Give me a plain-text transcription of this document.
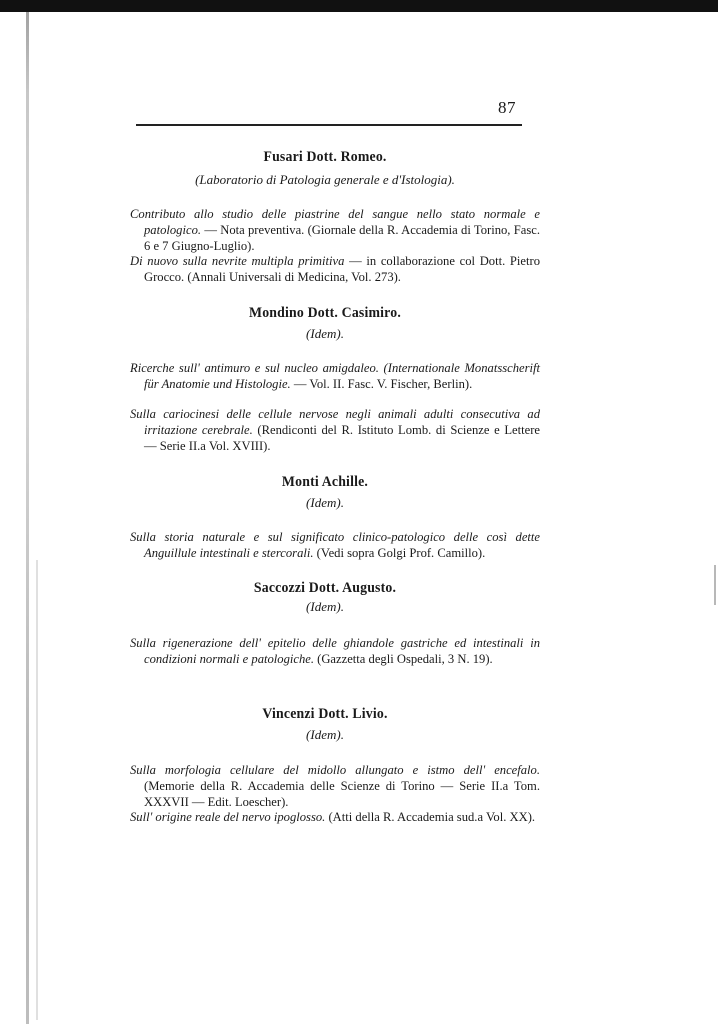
87
Fusari Dott. Romeo.
(Laboratorio di Patologia generale e d'Istologia).
Contributo allo studio delle piastrine del sangue nello stato normale e patologico. — Nota preventiva. (Giornale della R. Accademia di Torino, Fasc. 6 e 7 Giugno-Luglio).
Di nuovo sulla nevrite multipla primitiva — in collaborazione col Dott. Pietro Grocco. (Annali Universali di Medicina, Vol. 273).
Mondino Dott. Casimiro.
(Idem).
Ricerche sull' antimuro e sul nucleo amigdaleo. (Internationale Monatsscherift für Anatomie und Histologie. — Vol. II. Fasc. V. Fischer, Berlin).
Sulla cariocinesi delle cellule nervose negli animali adulti consecutiva ad irritazione cerebrale. (Rendiconti del R. Istituto Lomb. di Scienze e Lettere — Serie II.a Vol. XVIII).
Monti Achille.
(Idem).
Sulla storia naturale e sul significato clinico-patologico delle così dette Anguillule intestinali e stercorali. (Vedi sopra Golgi Prof. Camillo).
Saccozzi Dott. Augusto.
(Idem).
Sulla rigenerazione dell' epitelio delle ghiandole gastriche ed intestinali in condizioni normali e patologiche. (Gazzetta degli Ospedali, 3 N. 19).
Vincenzi Dott. Livio.
(Idem).
Sulla morfologia cellulare del midollo allungato e istmo dell' encefalo. (Memorie della R. Accademia delle Scienze di Torino — Serie II.a Tom. XXXVII — Edit. Loescher).
Sull' origine reale del nervo ipoglosso. (Atti della R. Accademia sud.a Vol. XX).
